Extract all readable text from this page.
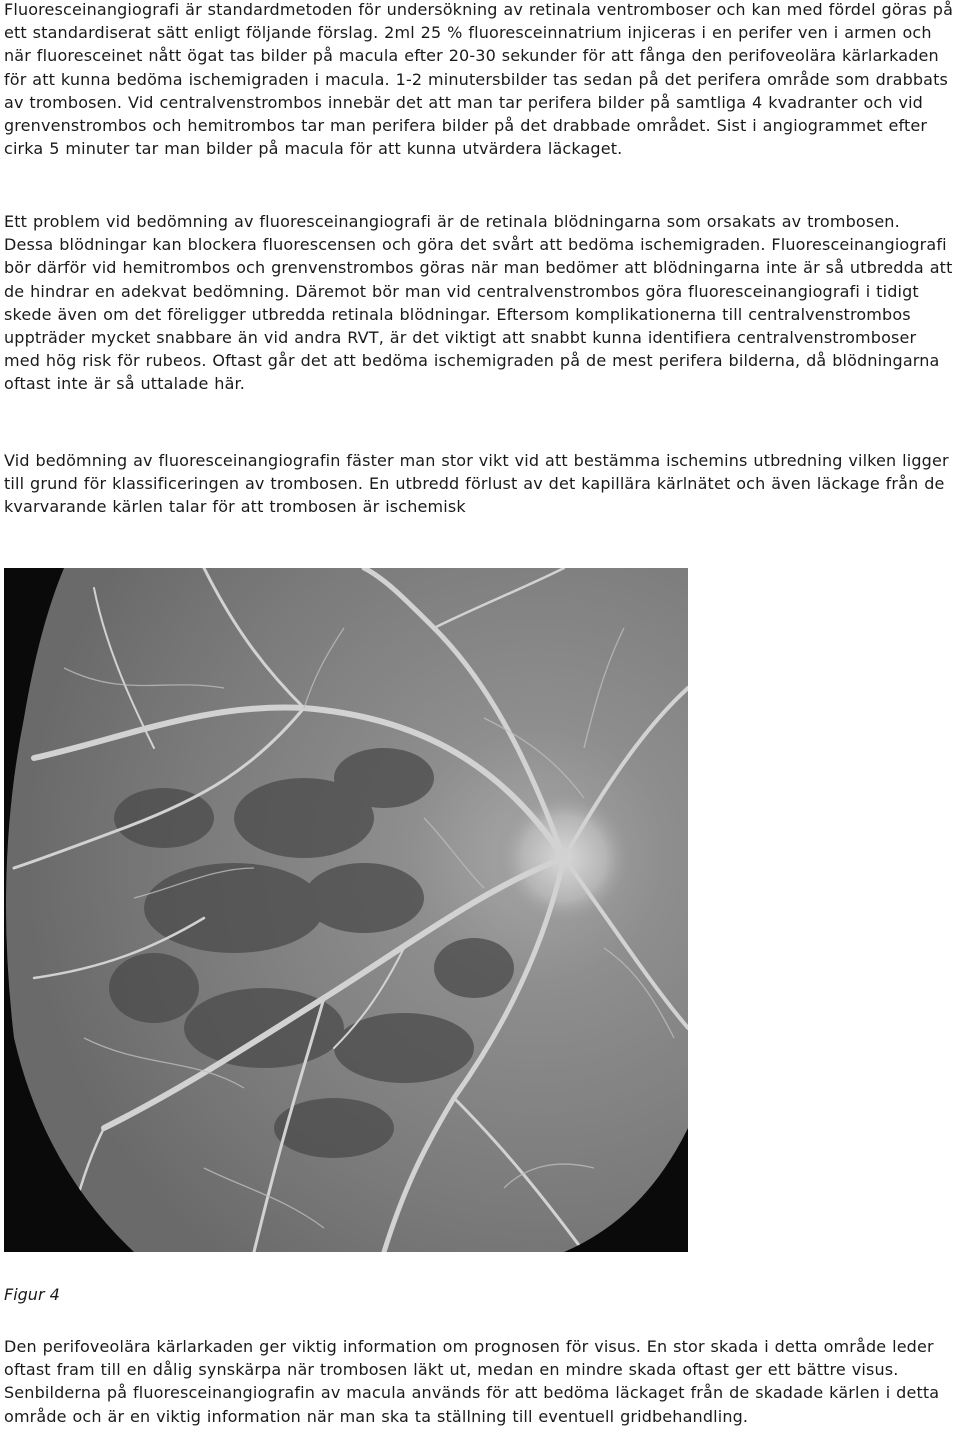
Fluoresceinangiografi är standardmetoden för undersökning av retinala ventromboser och kan med fördel göras på ett standardiserat sätt enligt följande förslag. 2ml 25 % fluoresceinnatrium injiceras i en perifer ven i armen och när fluoresceinet nått ögat tas bilder på macula efter 20-30 sekunder för att fånga den perifoveolära kärlarkaden för att kunna bedöma ischemigraden i macula. 1-2 minutersbilder tas sedan på det perifera område som drabbats av trombosen. Vid centralvenstrombos innebär det att man tar perifera bilder på samtliga 4 kvadranter och vid grenvenstrombos och hemitrombos tar man perifera bilder på det drabbade området. Sist i angiogrammet efter cirka 5 minuter tar man bilder på macula för att kunna utvärdera läckaget.

Ett problem vid bedömning av fluoresceinangiografi är de retinala blödningarna som orsakats av trombosen. Dessa blödningar kan blockera fluorescensen och göra det svårt att bedöma ischemigraden. Fluoresceinangiografi bör därför vid hemitrombos och grenvenstrombos göras när man bedömer att blödningarna inte är så utbredda att de hindrar en adekvat bedömning. Däremot bör man vid centralvenstrombos göra fluoresceinangiografi i tidigt skede även om det föreligger utbredda retinala blödningar. Eftersom komplikationerna till centralvenstrombos uppträder mycket snabbare än vid andra RVT, är det viktigt att snabbt kunna identifiera centralvenstromboser med hög risk för rubeos. Oftast går det att bedöma ischemigraden på de mest perifera bilderna, då blödningarna oftast inte är så uttalade här.

Vid bedömning av fluoresceinangiografin fäster man stor vikt vid att bestämma ischemins utbredning vilken ligger till grund för klassificeringen av trombosen. En utbredd förlust av det kapillära kärlnätet och även läckage från de kvarvarande kärlen talar för att trombosen är ischemisk

Figur 4

Den perifoveolära kärlarkaden ger viktig information om prognosen för visus. En stor skada i detta område leder oftast fram till en dålig synskärpa när trombosen läkt ut, medan en mindre skada oftast ger ett bättre visus. Senbilderna på fluoresceinangiografin av macula används för att bedöma läckaget från de skadade kärlen i detta område och är en viktig information när man ska ta ställning till eventuell gridbehandling.
